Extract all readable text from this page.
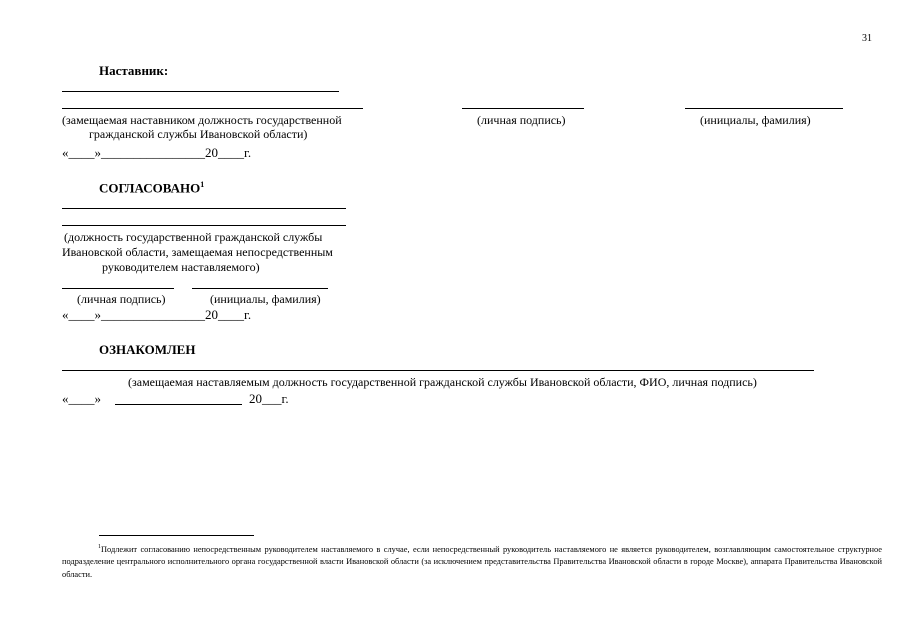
31
Наставник:
(замещаемая наставником должность государственной
гражданской службы Ивановской области)
(личная подпись)	(инициалы, фамилия)
«____»________________20____г.
СОГЛАСОВАНО$^1$
(должность государственной гражданской службы
Ивановской области, замещаемая непосредственным
руководителем наставляемого)
(личная подпись)	(инициалы, фамилия)
«____»________________20____г.
ОЗНАКОМЛЕН
(замещаемая наставляемым должность государственной гражданской службы Ивановской области, ФИО, личная подпись)
«____»	20___г.
$^1$Подлежит согласованию непосредственным руководителем наставляемого в случае, если непосредственный руководитель наставляемого не является руководителем, возглавляющим самостоятельное структурное подразделение центрального исполнительного органа государственной власти Ивановской области (за исключением представительства Правительства Ивановской области в городе Москве), аппарата Правительства Ивановской области.
